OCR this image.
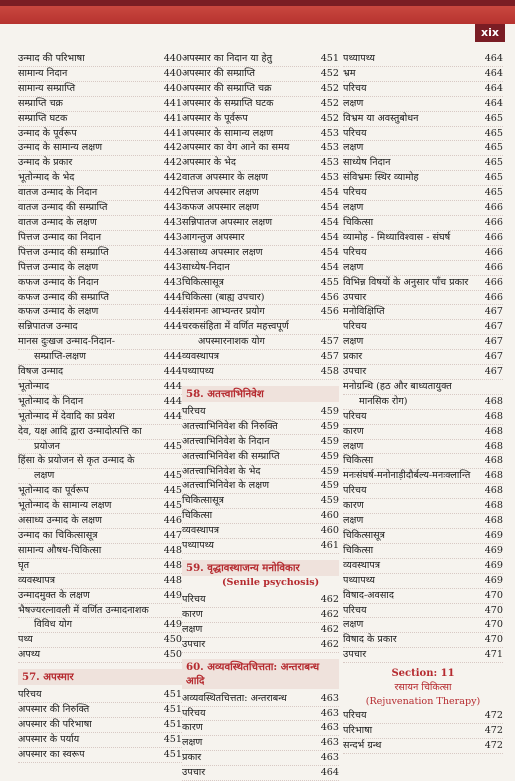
xix
उन्माद की परिभाषा	440
सामान्य निदान	440
सामान्य सम्प्राप्ति	440
सम्प्राप्ति चक्र	441
सम्प्राप्ति घटक	441
उन्माद के पूर्वरूप	441
उन्माद के सामान्य लक्षण	442
उन्माद के प्रकार	442
भूतोन्माद के भेद	442
वातज उन्माद के निदान	442
वातज उन्माद की सम्प्राप्ति	443
वातज उन्माद के लक्षण	443
पित्तज उन्माद का निदान	443
पित्तज उन्माद की सम्प्राप्ति	443
पित्तज उन्माद के लक्षण	443
कफज उन्माद के निदान	443
कफज उन्माद की सम्प्राप्ति	444
कफज उन्माद के लक्षण	444
सन्निपातज उन्माद	444
मानस दुःखज उन्माद-निदान-
सम्प्राप्ति-लक्षण	444
विषज उन्माद	444
भूतोन्माद	444
भूतोन्माद के निदान	444
भूतोन्माद में देवादि का प्रवेश	444
देव, यक्ष आदि द्वारा उन्मादोत्पत्ति का
प्रयोजन	445
हिंसा के प्रयोजन से कृत उन्माद के
लक्षण	445
भूतोन्माद का पूर्वरूप	445
भूतोन्माद के सामान्य लक्षण	445
असाध्य उन्माद के लक्षण	446
उन्माद का चिकित्सासूत्र	447
सामान्य औषध-चिकित्सा	448
घृत	448
व्यवस्थापत्र	448
उन्मादमुक्त के लक्षण	449
भैषज्यरत्नावली में वर्णित उन्मादनाशक
विविध योग	449
पथ्य	450
अपथ्य	450
57. अपस्मार
परिचय	451
अपस्मार की निरुक्ति	451
अपस्मार की परिभाषा	451
अपस्मार के पर्याय	451
अपस्मार का स्वरूप	451
अपस्मार का निदान या हेतु	451
अपस्मार की सम्प्राप्ति	452
अपस्मार की सम्प्राप्ति चक्र	452
अपस्मार के सम्प्राप्ति घटक	452
अपस्मार के पूर्वरूप	452
अपस्मार के सामान्य लक्षण	453
अपस्मार का वेग आने का समय	453
अपस्मार के भेद	453
वातज अपस्मार के लक्षण	453
पित्तज अपस्मार लक्षण	454
कफज अपस्मार लक्षण	454
सन्निपातज अपस्मार लक्षण	454
आगन्तुज अपस्मार	454
असाध्य अपस्मार लक्षण	454
साध्येष-निदान	454
चिकित्सासूत्र	455
चिकित्सा (बाह्य उपचार)	456
संशमनः आभ्यन्तर प्रयोग	456
चरकसंहिता में वर्णित महत्त्वपूर्ण
अपस्मारनाशक योग	457
व्यवस्थापत्र	457
पथ्यापथ्य	458
58. अतत्त्वाभिनिवेश
परिचय	459
अतत्त्वाभिनिवेश की निरुक्ति	459
अतत्त्वाभिनिवेश के निदान	459
अतत्त्वाभिनिवेश की सम्प्राप्ति	459
अतत्त्वाभिनिवेश के भेद	459
अतत्त्वाभिनिवेश के लक्षण	459
चिकित्सासूत्र	459
चिकित्सा	460
व्यवस्थापत्र	460
पथ्यापथ्य	461
59. वृद्धावस्थाजन्य मनोविकार
(Senile psychosis)
परिचय	462
कारण	462
लक्षण	462
उपचार	462
60. अव्यवस्थितचित्तता: अन्तराबन्ध आदि
अव्यवस्थितचित्तता: अन्तराबन्ध	463
परिचय	463
कारण	463
लक्षण	463
प्रकार	463
उपचार	464
पथ्यापथ्य	464
भ्रम	464
परिचय	464
लक्षण	464
विभ्रम या अवस्तुबोधन	465
परिचय	465
लक्षण	465
साध्येष निदान	465
संविभ्रमः स्थिर व्यामोह	465
परिचय	465
लक्षण	466
चिकित्सा	466
व्यामोह - मिथ्याविश्वास - संघर्ष	466
परिचय	466
लक्षण	466
विभिन्न विषयों के अनुसार पाँच प्रकार	466
उपचार	466
मनोविक्षिप्ति	467
परिचय	467
लक्षण	467
प्रकार	467
उपचार	467
मनोग्रन्थि (हठ और बाध्यतायुक्त
मानसिक रोग)	468
परिचय	468
कारण	468
लक्षण	468
चिकित्सा	468
मनःसंघर्ष-मनोनाड़ीदौर्बल्य-मनःक्लान्ति	468
परिचय	468
कारण	468
लक्षण	468
चिकित्सासूत्र	469
चिकित्सा	469
व्यवस्थापत्र	469
पथ्यापथ्य	469
विषाद-अवसाद	470
परिचय	470
लक्षण	470
विषाद के प्रकार	470
उपचार	471
Section: 11
रसायन चिकित्सा
(Rejuvenation Therapy)
परिचय	472
परिभाषा	472
सन्दर्भ ग्रन्थ	472
